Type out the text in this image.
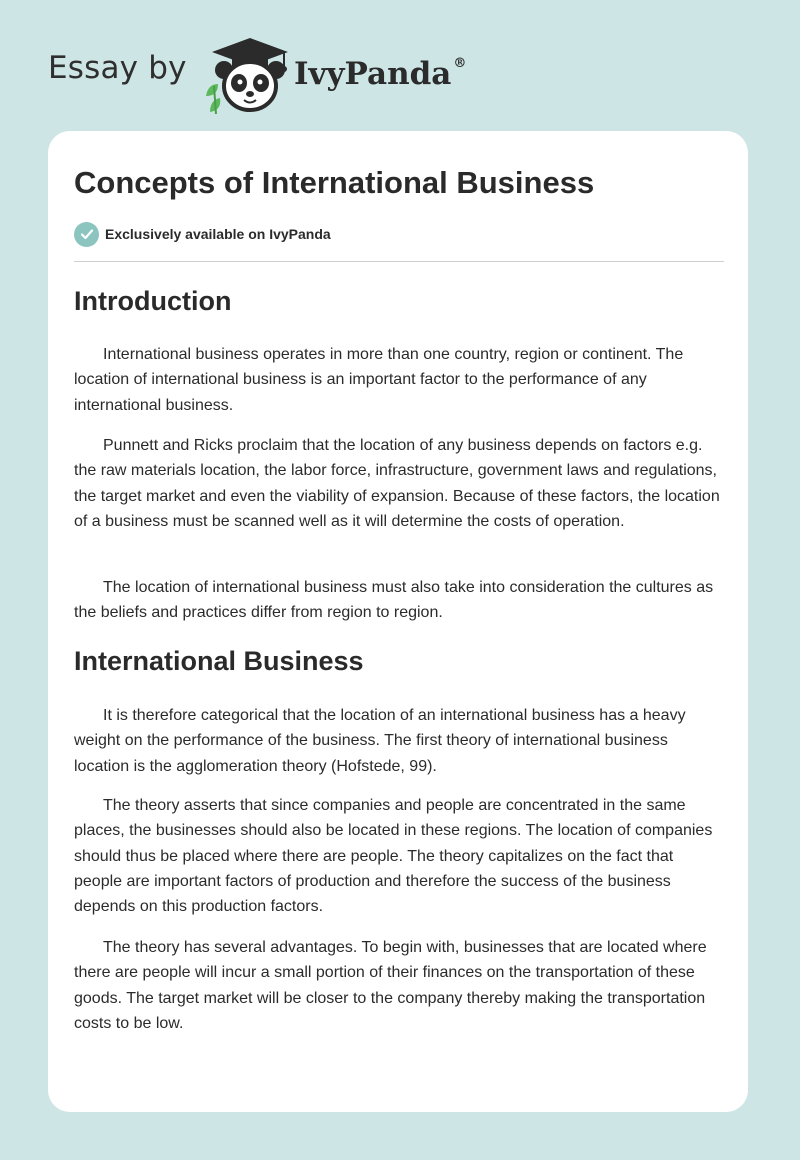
Essay by	IvyPanda ®
Concepts of International Business
Exclusively available on IvyPanda
Introduction

International business operates in more than one country, region or continent. The location of international business is an important factor to the performance of any international business.

Punnett and Ricks proclaim that the location of any business depends on factors e.g. the raw materials location, the labor force, infrastructure, government laws and regulations, the target market and even the viability of expansion. Because of these factors, the location of a business must be scanned well as it will determine the costs of operation.

The location of international business must also take into consideration the cultures as the beliefs and practices differ from region to region.

International Business

It is therefore categorical that the location of an international business has a heavy weight on the performance of the business. The first theory of international business location is the agglomeration theory (Hofstede, 99).

The theory asserts that since companies and people are concentrated in the same places, the businesses should also be located in these regions. The location of companies should thus be placed where there are people. The theory capitalizes on the fact that people are important factors of production and therefore the success of the business depends on this production factors.

The theory has several advantages. To begin with, businesses that are located where there are people will incur a small portion of their finances on the transportation of these goods. The target market will be closer to the company thereby making the transportation costs to be low.
